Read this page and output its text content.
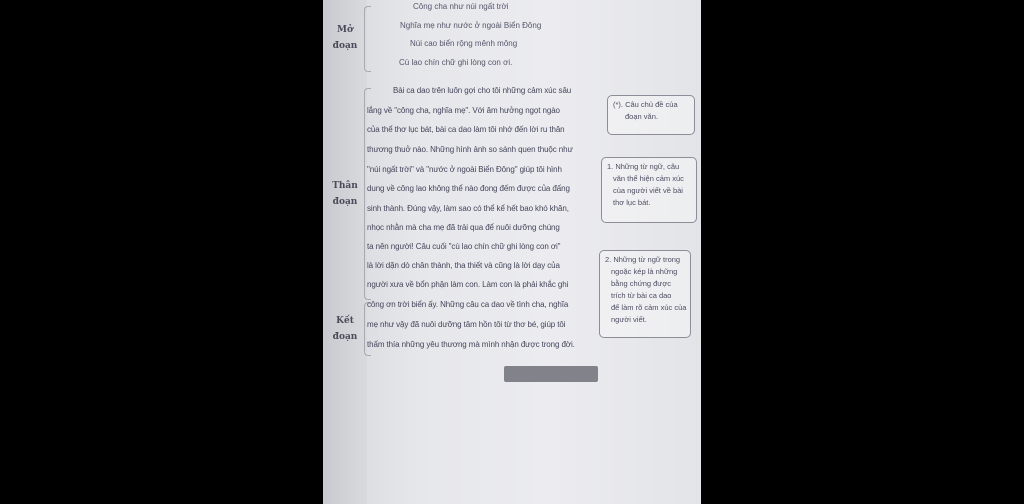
Mở đoạn
Thân đoạn
Kết đoạn
Công cha như núi ngất trời
Nghĩa mẹ như nước ở ngoài Biển Đông
Núi cao biển rộng mênh mông
Cù lao chín chữ ghi lòng con ơi.
Bài ca dao trên luôn gợi cho tôi những cảm xúc sâu
lắng về "công cha, nghĩa mẹ". Với âm hưởng ngọt ngào
của thể thơ lục bát, bài ca dao làm tôi nhớ đến lời ru thân
thương thuở nào. Những hình ảnh so sánh quen thuộc như
"núi ngất trời" và "nước ở ngoài Biển Đông" giúp tôi hình
dung về công lao không thể nào đong đếm được của đấng
sinh thành. Đúng vậy, làm sao có thể kể hết bao khó khăn,
nhọc nhằn mà cha mẹ đã trải qua để nuôi dưỡng chúng
ta nên người! Câu cuối "cù lao chín chữ ghi lòng con ơi"
là lời dặn dò chân thành, tha thiết và cũng là lời dạy của
người xưa về bổn phận làm con. Làm con là phải khắc ghi
công ơn trời biển ấy. Những câu ca dao về tình cha, nghĩa
mẹ như vậy đã nuôi dưỡng tâm hồn tôi từ thơ bé, giúp tôi
thấm thía những yêu thương mà mình nhận được trong đời.
(*). Câu chủ đề của
đoạn văn.
1. Những từ ngữ, câu
văn thể hiện cảm xúc
của người viết về bài
thơ lục bát.
2. Những từ ngữ trong
ngoặc kép là những
bằng chứng được
trích từ bài ca dao
để làm rõ cảm xúc của
người viết.
